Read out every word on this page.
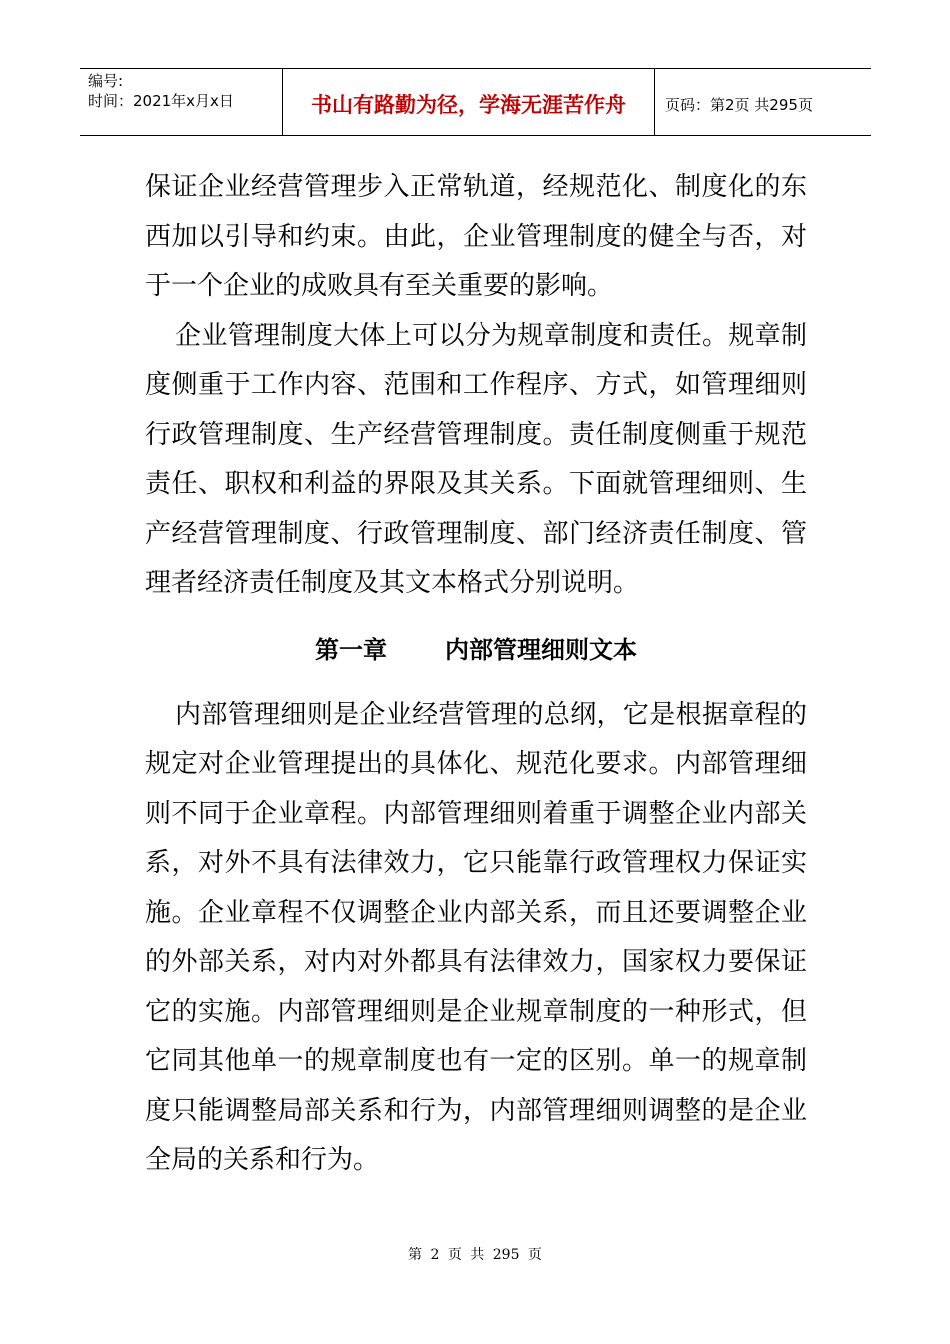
编号:
时间：2021年x月x日	书山有路勤为径，学海无涯苦作舟	页码：第2页 共295页

保证企业经营管理步入正常轨道，经规范化、制度化的东西加以引导和约束。由此，企业管理制度的健全与否，对于一个企业的成败具有至关重要的影响。

企业管理制度大体上可以分为规章制度和责任。规章制度侧重于工作内容、范围和工作程序、方式，如管理细则行政管理制度、生产经营管理制度。责任制度侧重于规范责任、职权和利益的界限及其关系。下面就管理细则、生产经营管理制度、行政管理制度、部门经济责任制度、管理者经济责任制度及其文本格式分别说明。

第一章 内部管理细则文本

内部管理细则是企业经营管理的总纲，它是根据章程的规定对企业管理提出的具体化、规范化要求。内部管理细则不同于企业章程。内部管理细则着重于调整企业内部关系，对外不具有法律效力，它只能靠行政管理权力保证实施。企业章程不仅调整企业内部关系，而且还要调整企业的外部关系，对内对外都具有法律效力，国家权力要保证它的实施。内部管理细则是企业规章制度的一种形式，但它同其他单一的规章制度也有一定的区别。单一的规章制度只能调整局部关系和行为，内部管理细则调整的是企业全局的关系和行为。

第 2 页 共 295 页
